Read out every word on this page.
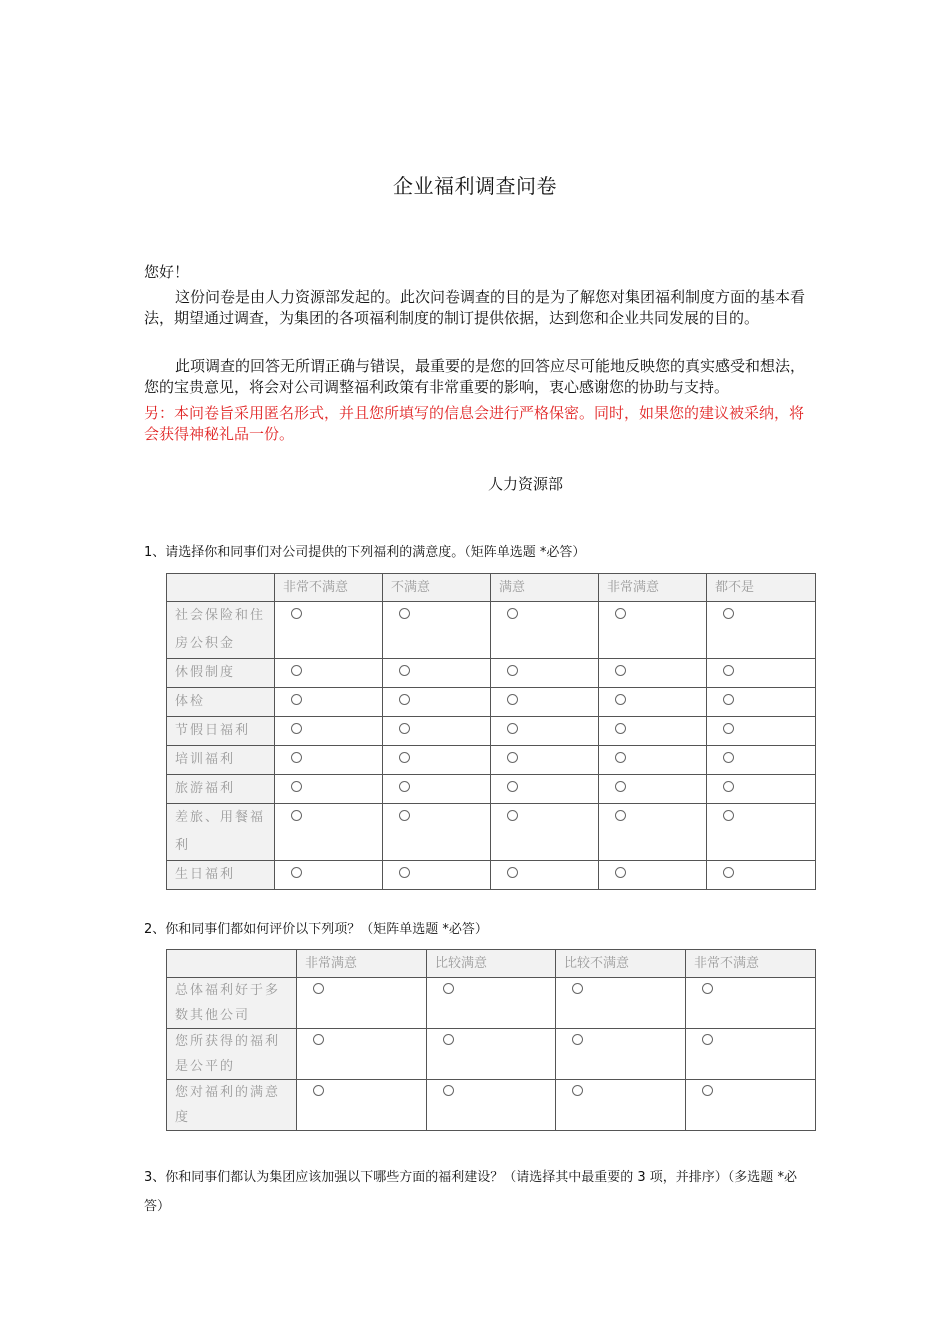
企业福利调查问卷
您好！
这份问卷是由人力资源部发起的。此次问卷调查的目的是为了解您对集团福利制度方面的基本看法，期望通过调查，为集团的各项福利制度的制订提供依据，达到您和企业共同发展的目的。
此项调查的回答无所谓正确与错误，最重要的是您的回答应尽可能地反映您的真实感受和想法，您的宝贵意见，将会对公司调整福利政策有非常重要的影响，衷心感谢您的协助与支持。
另：本问卷旨采用匿名形式，并且您所填写的信息会进行严格保密。同时，如果您的建议被采纳，将会获得神秘礼品一份。
人力资源部
1、请选择你和同事们对公司提供的下列福利的满意度。（矩阵单选题 *必答）
	非常不满意	不满意	满意	非常满意	都不是
社会保险和住房公积金					
休假制度					
体检					
节假日福利					
培训福利					
旅游福利					
差旅、用餐福利					
生日福利					
2、你和同事们都如何评价以下列项？（矩阵单选题 *必答）
	非常满意	比较满意	比较不满意	非常不满意
总体福利好于多数其他公司				
您所获得的福利是公平的				
您对福利的满意度				
3、你和同事们都认为集团应该加强以下哪些方面的福利建设？（请选择其中最重要的 3 项，并排序）（多选题 *必答）
